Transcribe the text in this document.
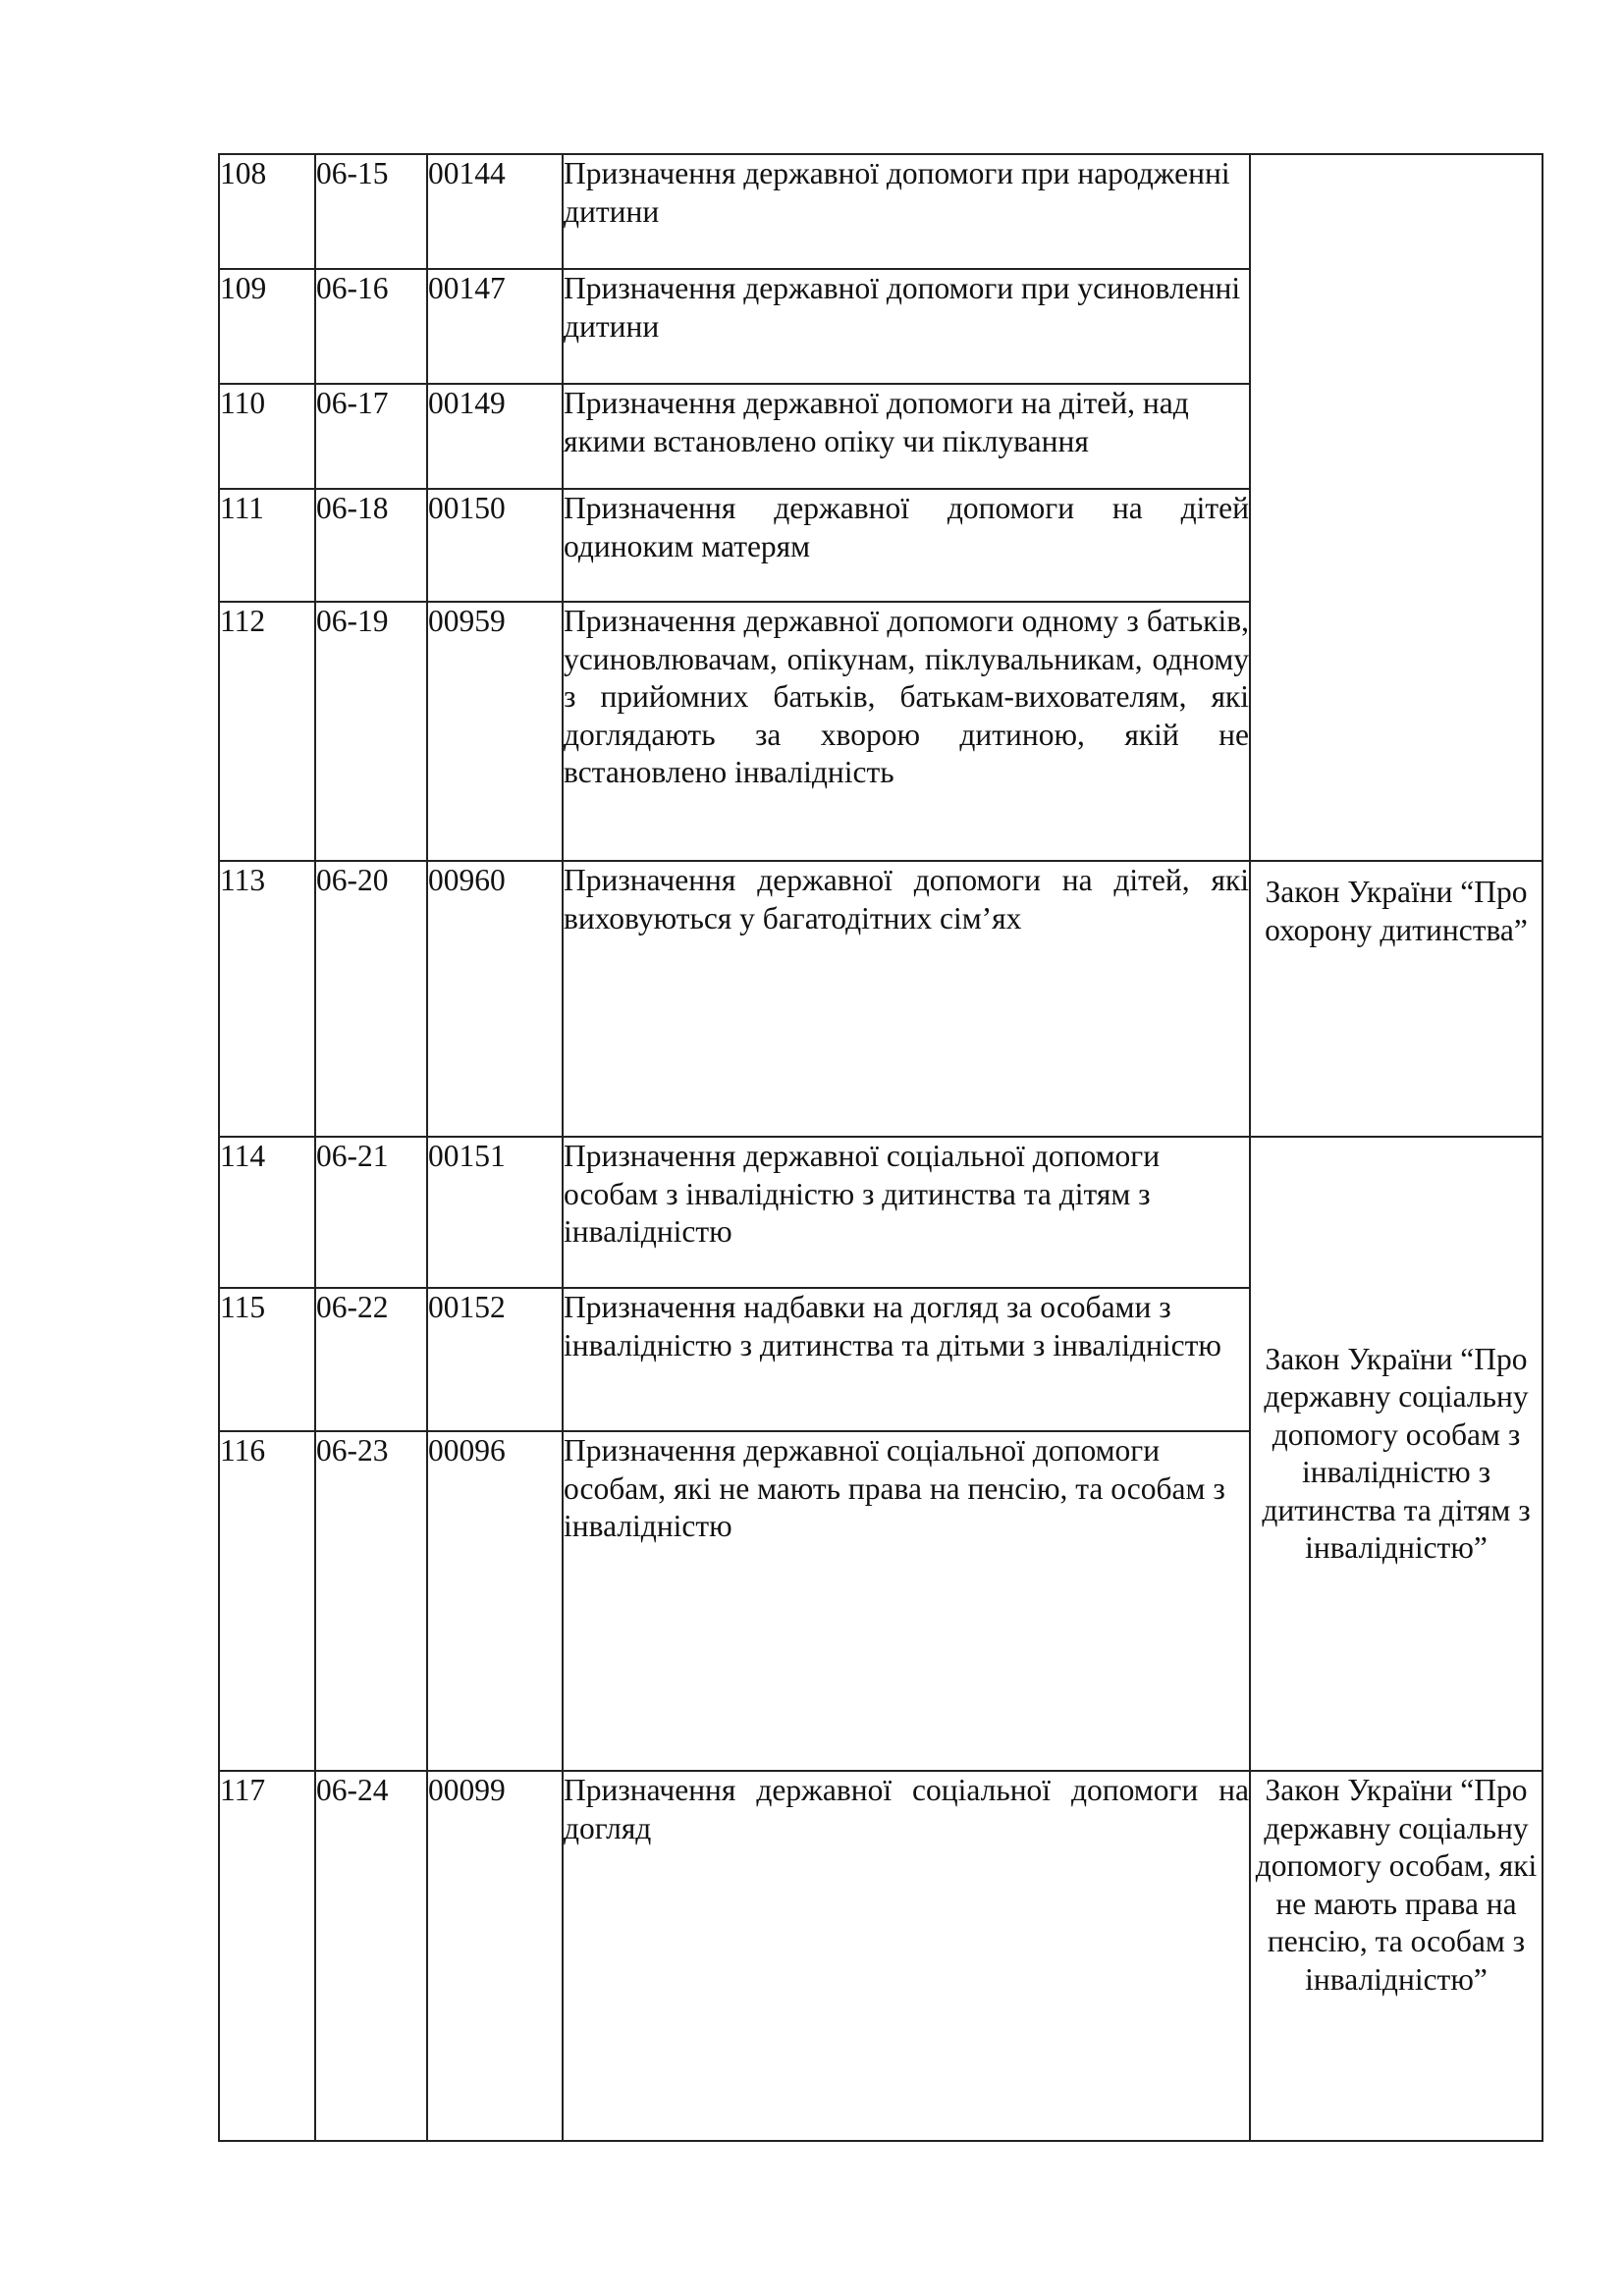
108	06-15	00144	Призначення державної допомоги при народженні дитини	
109	06-16	00147	Призначення державної допомоги при усиновленні дитини	
110	06-17	00149	Призначення державної допомоги на дітей, над якими встановлено опіку чи піклування	
111	06-18	00150	Призначення державної допомоги на дітей одиноким матерям	
112	06-19	00959	Призначення державної допомоги одному з батьків, усиновлювачам, опікунам, піклувальникам, одному з прийомних батьків, батькам-вихователям, які доглядають за хворою дитиною, якій не встановлено інвалідність	
113	06-20	00960	Призначення державної допомоги на дітей, які виховуються у багатодітних сім’ях	Закон України “Про охорону дитинства”

114	06-21	00151	Призначення державної соціальної допомоги особам з інвалідністю з дитинства та дітям з інвалідністю	Закон України “Про державну соціальну допомогу особам з інвалідністю з дитинства та дітям з інвалідністю”

115	06-22	00152	Призначення надбавки на догляд за особами з інвалідністю з дитинства та дітьми з інвалідністю	
116	06-23	00096	Призначення державної соціальної допомоги особам, які не мають права на пенсію, та особам з інвалідністю	
117	06-24	00099	Призначення державної соціальної допомоги на догляд	Закон України “Про державну соціальну допомогу особам, які не мають права на пенсію, та особам з інвалідністю”
